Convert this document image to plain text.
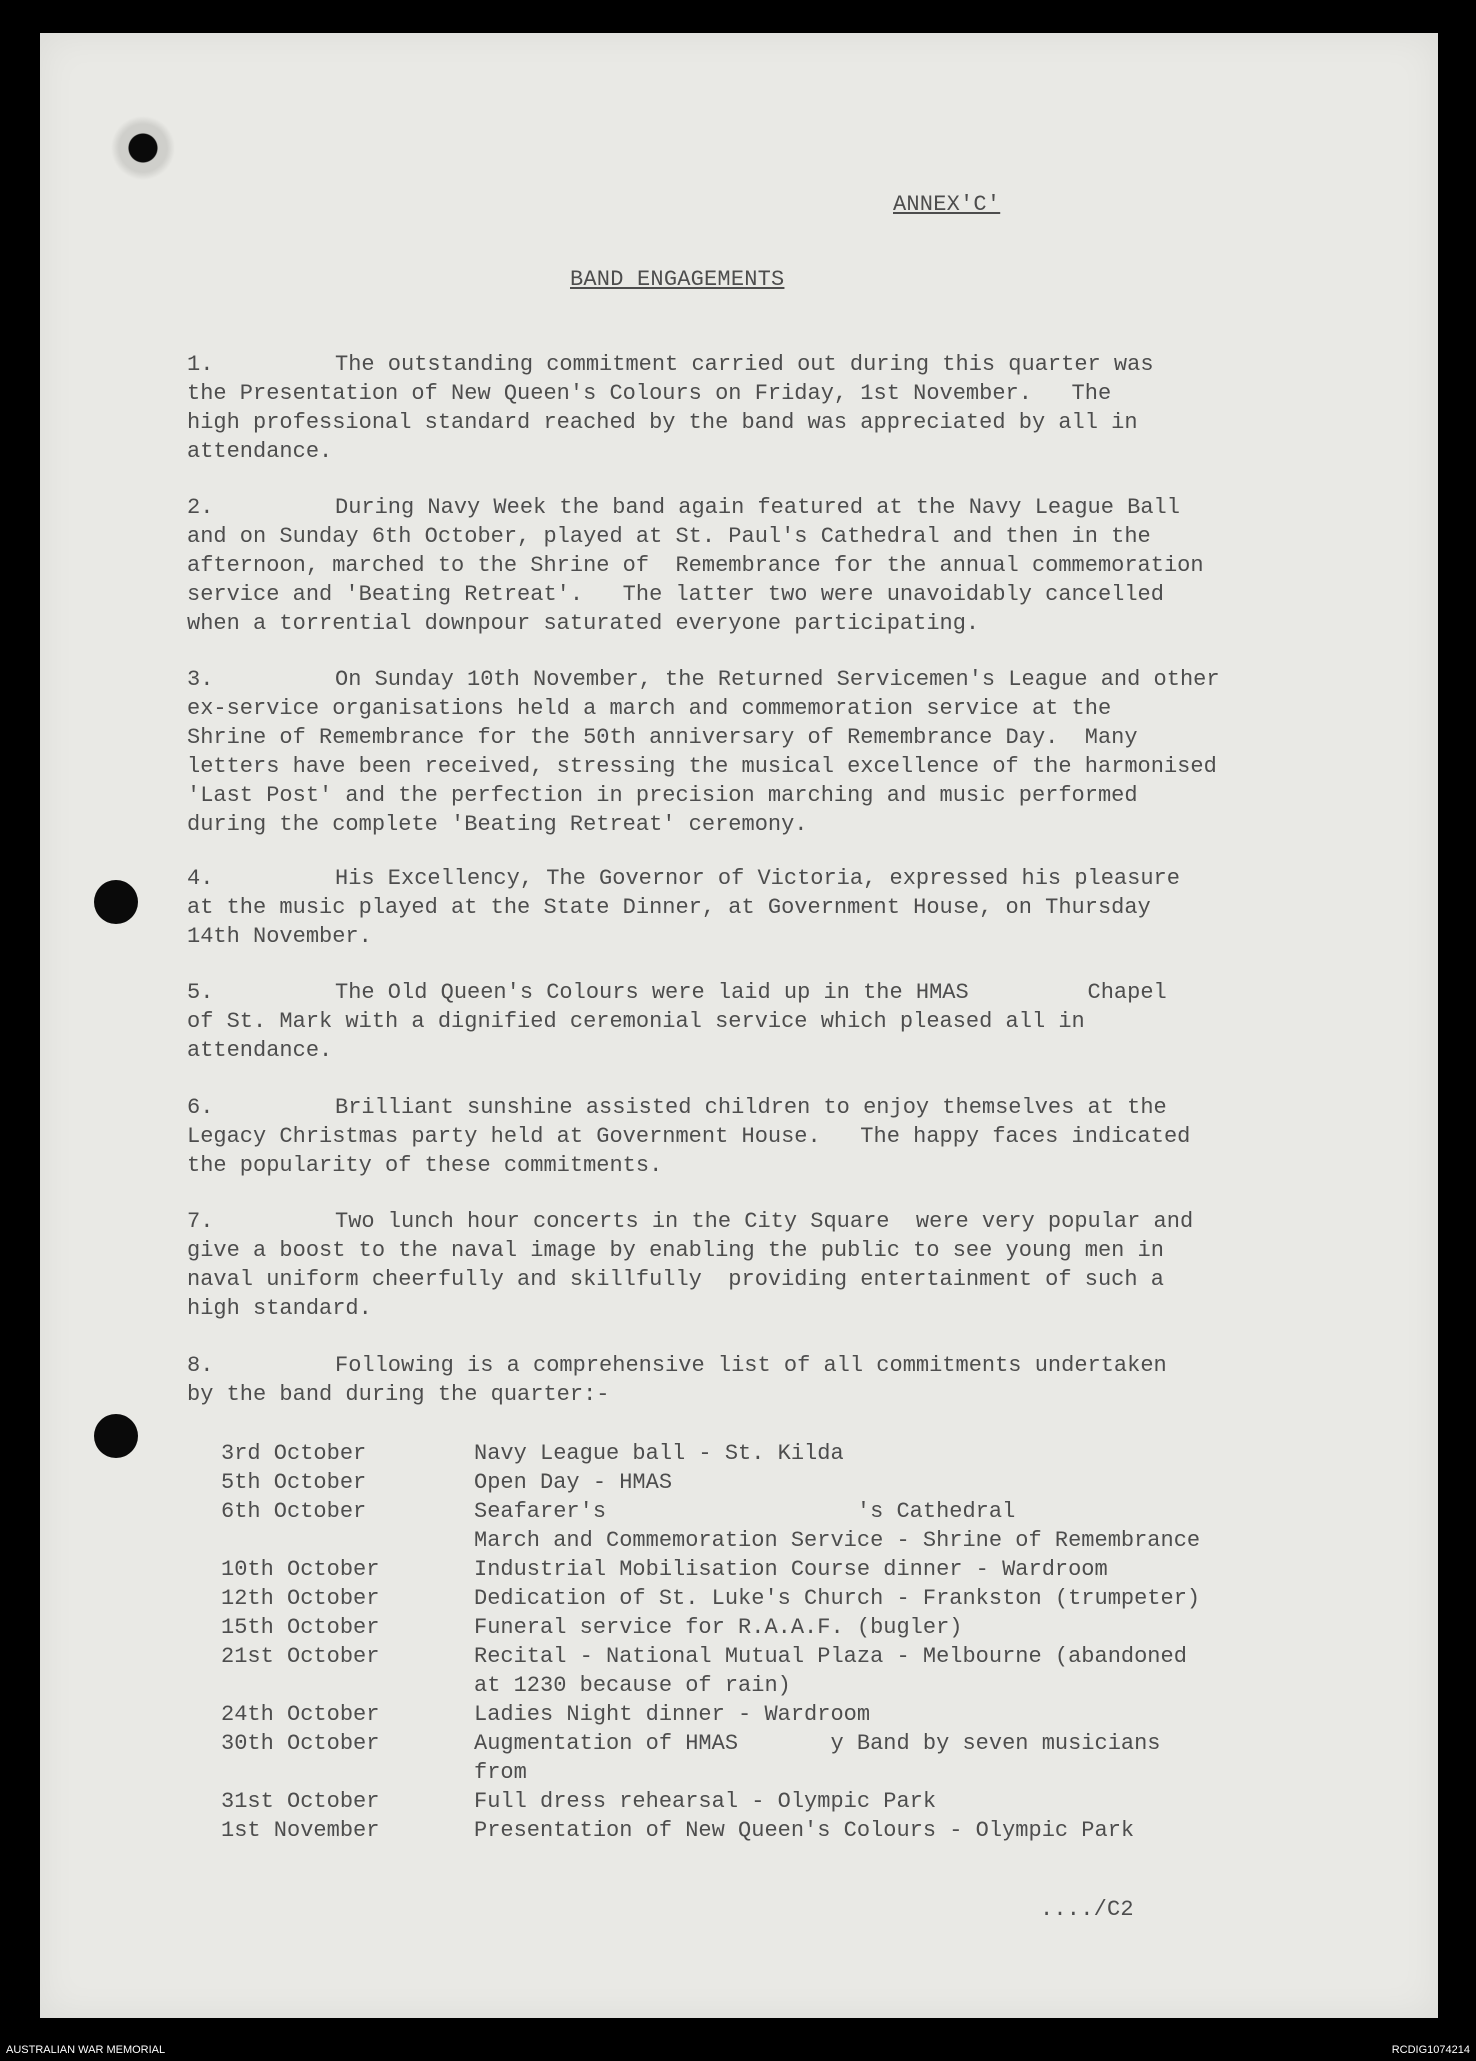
ANNEX'C'
BAND ENGAGEMENTS
1.	The outstanding commitment carried out during this quarter was
the Presentation of New Queen's Colours on Friday, 1st November.   The
high professional standard reached by the band was appreciated by all in
attendance.
2.	During Navy Week the band again featured at the Navy League Ball
and on Sunday 6th October, played at St. Paul's Cathedral and then in the
afternoon, marched to the Shrine of  Remembrance for the annual commemoration
service and 'Beating Retreat'.   The latter two were unavoidably cancelled
when a torrential downpour saturated everyone participating.
3.	On Sunday 10th November, the Returned Servicemen's League and other
ex-service organisations held a march and commemoration service at the
Shrine of Remembrance for the 50th anniversary of Remembrance Day.  Many
letters have been received, stressing the musical excellence of the harmonised
'Last Post' and the perfection in precision marching and music performed
during the complete 'Beating Retreat' ceremony.
4.	His Excellency, The Governor of Victoria, expressed his pleasure
at the music played at the State Dinner, at Government House, on Thursday
14th November.
5.	The Old Queen's Colours were laid up in the HMAS         Chapel
of St. Mark with a dignified ceremonial service which pleased all in
attendance.
6.	Brilliant sunshine assisted children to enjoy themselves at the
Legacy Christmas party held at Government House.   The happy faces indicated
the popularity of these commitments.
7.	Two lunch hour concerts in the City Square  were very popular and
give a boost to the naval image by enabling the public to see young men in
naval uniform cheerfully and skillfully  providing entertainment of such a
high standard.
8.	Following is a comprehensive list of all commitments undertaken
by the band during the quarter:-
3rd October	Navy League ball - St. Kilda
5th October	Open Day - HMAS
6th October	Seafarer's                   's Cathedral
March and Commemoration Service - Shrine of Remembrance
10th October	Industrial Mobilisation Course dinner - Wardroom
12th October	Dedication of St. Luke's Church - Frankston (trumpeter)
15th October	Funeral service for R.A.A.F. (bugler)
21st October	Recital - National Mutual Plaza - Melbourne (abandoned
at 1230 because of rain)
24th October	Ladies Night dinner - Wardroom
30th October	Augmentation of HMAS       y Band by seven musicians
from
31st October	Full dress rehearsal - Olympic Park
1st November	Presentation of New Queen's Colours - Olympic Park
..../C2
AUSTRALIAN WAR MEMORIAL	RCDIG1074214
